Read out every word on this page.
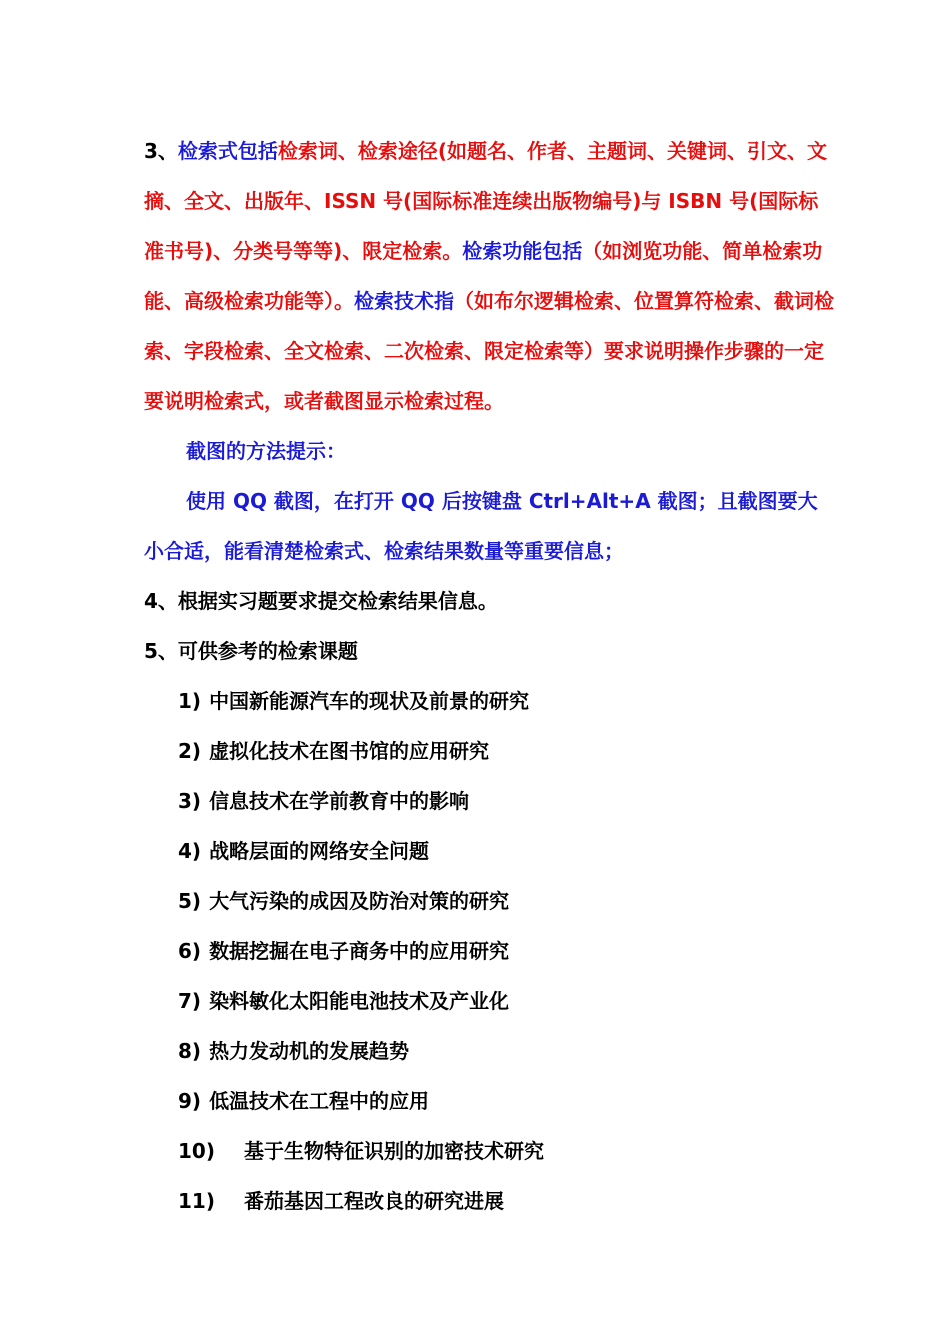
3、检索式包括检索词、检索途径(如题名、作者、主题词、关键词、引文、文摘、全文、出版年、ISSN 号(国际标准连续出版物编号)与 ISBN 号(国际标准书号)、分类号等等)、限定检索。检索功能包括（如浏览功能、简单检索功能、高级检索功能等）。检索技术指（如布尔逻辑检索、位置算符检索、截词检索、字段检索、全文检索、二次检索、限定检索等）要求说明操作步骤的一定要说明检索式，或者截图显示检索过程。

截图的方法提示：

使用 QQ 截图，在打开 QQ 后按键盘 Ctrl+Alt+A 截图；且截图要大小合适，能看清楚检索式、检索结果数量等重要信息；

4、根据实习题要求提交检索结果信息。

5、可供参考的检索课题

1) 中国新能源汽车的现状及前景的研究
2) 虚拟化技术在图书馆的应用研究
3) 信息技术在学前教育中的影响
4) 战略层面的网络安全问题
5) 大气污染的成因及防治对策的研究
6) 数据挖掘在电子商务中的应用研究
7) 染料敏化太阳能电池技术及产业化
8) 热力发动机的发展趋势
9) 低温技术在工程中的应用
10) 基于生物特征识别的加密技术研究
11) 番茄基因工程改良的研究进展
